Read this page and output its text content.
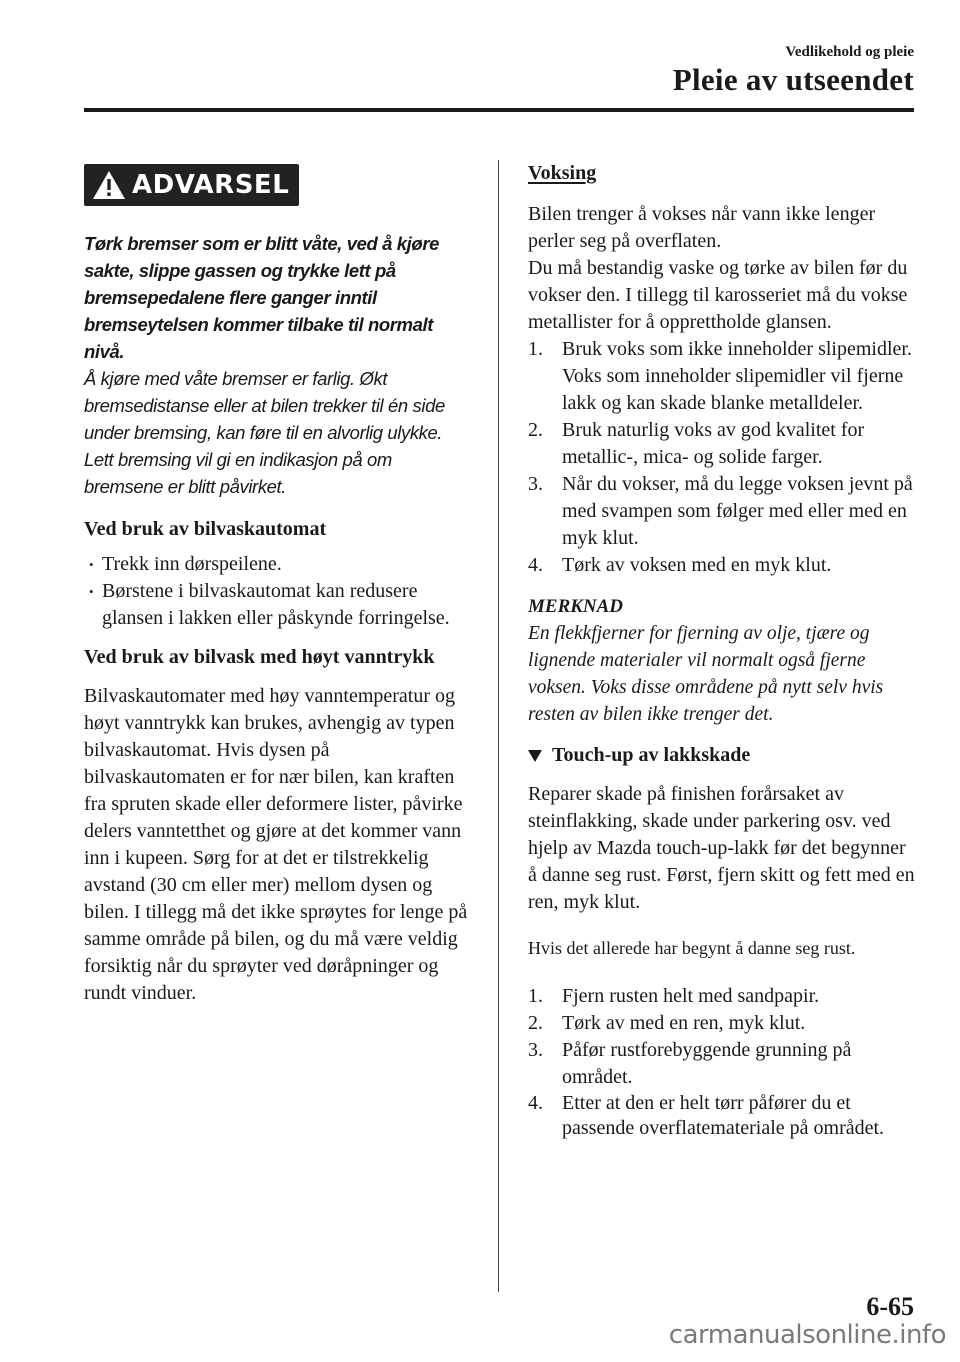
Vedlikehold og pleie
Pleie av utseendet
ADVARSEL
Tørk bremser som er blitt våte, ved å kjøre sakte, slippe gassen og trykke lett på bremsepedalene flere ganger inntil bremseytelsen kommer tilbake til normalt nivå.
Å kjøre med våte bremser er farlig. Økt bremsedistanse eller at bilen trekker til én side under bremsing, kan føre til en alvorlig ulykke. Lett bremsing vil gi en indikasjon på om bremsene er blitt påvirket.
Ved bruk av bilvaskautomat
• Trekk inn dørspeilene.
• Børstene i bilvaskautomat kan redusere glansen i lakken eller påskynde forringelse.
Ved bruk av bilvask med høyt vanntrykk

Bilvaskautomater med høy vanntemperatur og høyt vanntrykk kan brukes, avhengig av typen bilvaskautomat. Hvis dysen på bilvaskautomaten er for nær bilen, kan kraften fra spruten skade eller deformere lister, påvirke delers vanntetthet og gjøre at det kommer vann inn i kupeen. Sørg for at det er tilstrekkelig avstand (30 cm eller mer) mellom dysen og bilen. I tillegg må det ikke sprøytes for lenge på samme område på bilen, og du må være veldig forsiktig når du sprøyter ved døråpninger og rundt vinduer.

Voksing

Bilen trenger å vokses når vann ikke lenger perler seg på overflaten.

Du må bestandig vaske og tørke av bilen før du vokser den. I tillegg til karosseriet må du vokse metallister for å opprettholde glansen.

1. Bruk voks som ikke inneholder slipemidler.
Voks som inneholder slipemidler vil fjerne lakk og kan skade blanke metalldeler.
2. Bruk naturlig voks av god kvalitet for metallic-, mica- og solide farger.
3. Når du vokser, må du legge voksen jevnt på med svampen som følger med eller med en myk klut.
4. Tørk av voksen med en myk klut.
MERKNAD
En flekkfjerner for fjerning av olje, tjære og lignende materialer vil normalt også fjerne voksen. Voks disse områdene på nytt selv hvis resten av bilen ikke trenger det.
Touch-up av lakkskade

Reparer skade på finishen forårsaket av steinflakking, skade under parkering osv. ved hjelp av Mazda touch-up-lakk før det begynner å danne seg rust. Først, fjern skitt og fett med en ren, myk klut.

Hvis det allerede har begynt å danne seg rust.

1. Fjern rusten helt med sandpapir.
2. Tørk av med en ren, myk klut.
3. Påfør rustforebyggende grunning på området.
4. Etter at den er helt tørr påfører du et passende overflatemateriale på området.
6-65
carmanualsonline.info
